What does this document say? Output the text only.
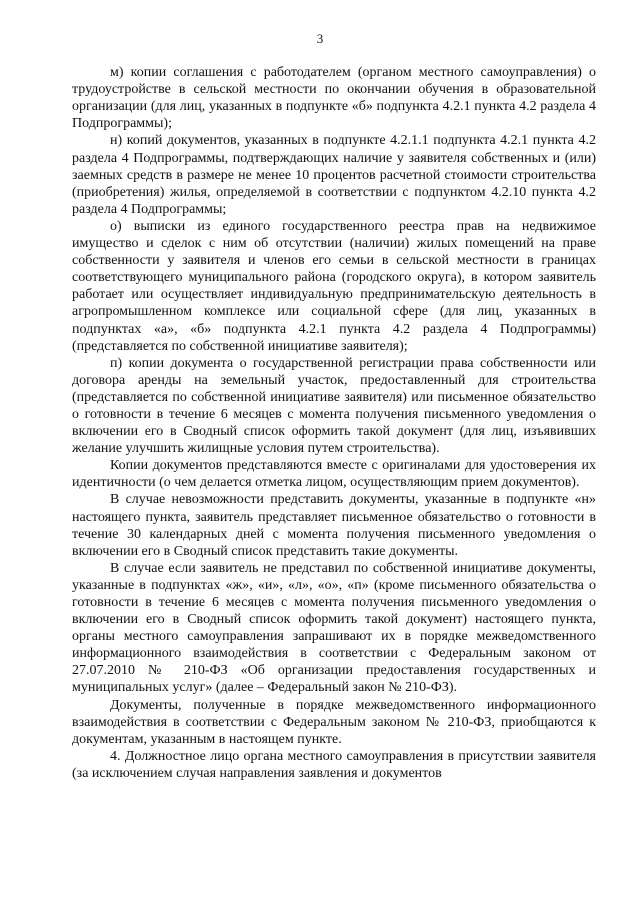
3

м) копии соглашения с работодателем (органом местного самоуправления) о трудоустройстве в сельской местности по окончании обучения в образовательной организации (для лиц, указанных в подпункте «б» подпункта 4.2.1 пункта 4.2 раздела 4 Подпрограммы);

н) копий документов, указанных в подпункте 4.2.1.1 подпункта 4.2.1 пункта 4.2 раздела 4 Подпрограммы, подтверждающих наличие у заявителя собственных и (или) заемных средств в размере не менее 10 процентов расчетной стоимости строительства (приобретения) жилья, определяемой в соответствии с подпунктом 4.2.10 пункта 4.2 раздела 4 Подпрограммы;

о) выписки из единого государственного реестра прав на недвижимое имущество и сделок с ним об отсутствии (наличии) жилых помещений на праве собственности у заявителя и членов его семьи в сельской местности в границах соответствующего муниципального района (городского округа), в котором заявитель работает или осуществляет индивидуальную предпринимательскую деятельность в агропромышленном комплексе или социальной сфере (для лиц, указанных в подпунктах «а», «б» подпункта 4.2.1 пункта 4.2 раздела 4 Подпрограммы) (представляется по собственной инициативе заявителя);

п) копии документа о государственной регистрации права собственности или договора аренды на земельный участок, предоставленный для строительства (представляется по собственной инициативе заявителя) или письменное обязательство о готовности в течение 6 месяцев с момента получения письменного уведомления о включении его в Сводный список оформить такой документ (для лиц, изъявивших желание улучшить жилищные условия путем строительства).

Копии документов представляются вместе с оригиналами для удостоверения их идентичности (о чем делается отметка лицом, осуществляющим прием документов).

В случае невозможности представить документы, указанные в подпункте «н» настоящего пункта, заявитель представляет письменное обязательство о готовности в течение 30 календарных дней с момента получения письменного уведомления о включении его в Сводный список представить такие документы.

В случае если заявитель не представил по собственной инициативе документы, указанные в подпунктах «ж», «и», «л», «о», «п» (кроме письменного обязательства о готовности в течение 6 месяцев с момента получения письменного уведомления о включении его в Сводный список оформить такой документ) настоящего пункта, органы местного самоуправления запрашивают их в порядке межведомственного информационного взаимодействия в соответствии с Федеральным законом от 27.07.2010 № 210-ФЗ «Об организации предоставления государственных и муниципальных услуг» (далее – Федеральный закон № 210-ФЗ).

Документы, полученные в порядке межведомственного информационного взаимодействия в соответствии с Федеральным законом № 210-ФЗ, приобщаются к документам, указанным в настоящем пункте.

4. Должностное лицо органа местного самоуправления в присутствии заявителя (за исключением случая направления заявления и документов
